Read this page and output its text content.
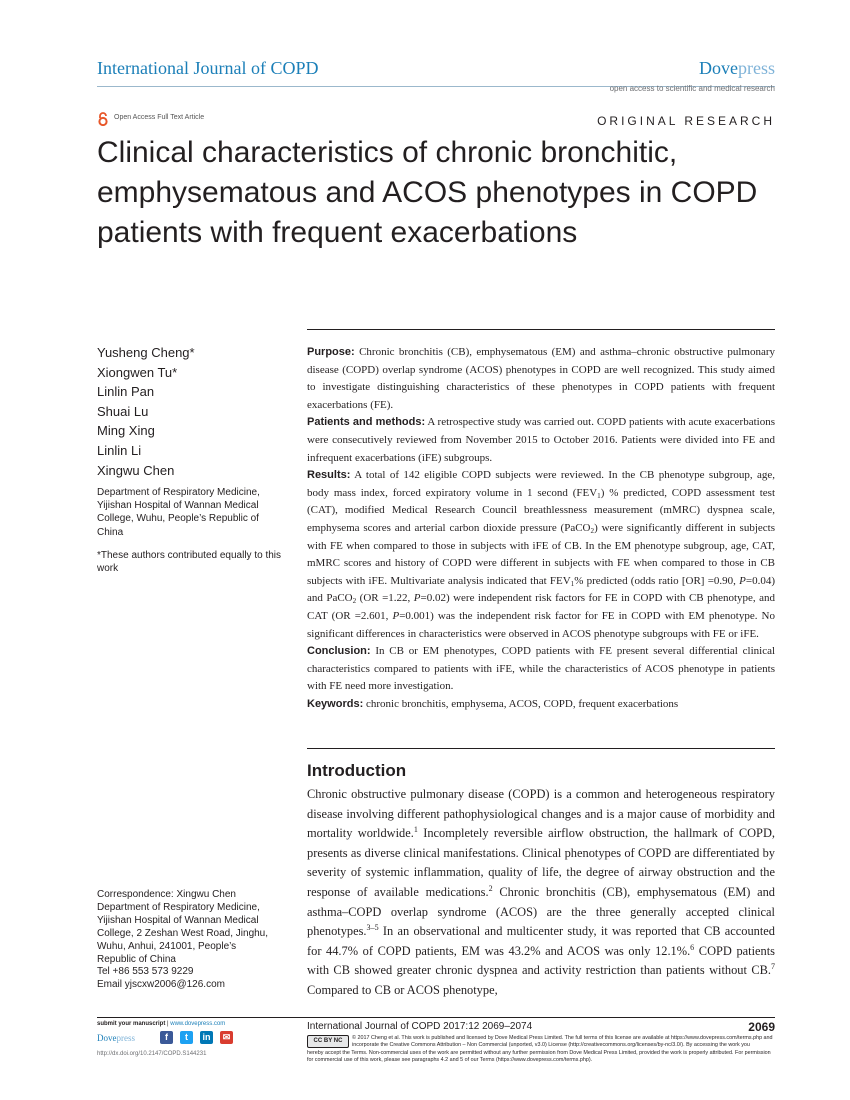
International Journal of COPD	Dovepress
open access to scientific and medical research
Open Access Full Text Article	ORIGINAL RESEARCH
Clinical characteristics of chronic bronchitic, emphysematous and ACOS phenotypes in COPD patients with frequent exacerbations
Yusheng Cheng*
Xiongwen Tu*
Linlin Pan
Shuai Lu
Ming Xing
Linlin Li
Xingwu Chen
Department of Respiratory Medicine, Yijishan Hospital of Wannan Medical College, Wuhu, People’s Republic of China
*These authors contributed equally to this work
Correspondence: Xingwu Chen
Department of Respiratory Medicine,
Yijishan Hospital of Wannan Medical
College, 2 Zeshan West Road, Jinghu,
Wuhu, Anhui, 241001, People’s
Republic of China
Tel +86 553 573 9229
Email yjscxw2006@126.com

Purpose: Chronic bronchitis (CB), emphysematous (EM) and asthma–chronic obstructive pulmonary disease (COPD) overlap syndrome (ACOS) phenotypes in COPD are well recognized. This study aimed to investigate distinguishing characteristics of these phenotypes in COPD patients with frequent exacerbations (FE).

Patients and methods: A retrospective study was carried out. COPD patients with acute exacerbations were consecutively reviewed from November 2015 to October 2016. Patients were divided into FE and infrequent exacerbations (iFE) subgroups.

Results: A total of 142 eligible COPD subjects were reviewed. In the CB phenotype subgroup, age, body mass index, forced expiratory volume in 1 second $(FEV_1)$ % predicted, COPD assessment test (CAT), modified Medical Research Council breathlessness measurement (mMRC) dyspnea scale, emphysema scores and arterial carbon dioxide pressure (PaCO$_2$) were significantly different in subjects with FE when compared to those in subjects with iFE of CB. In the EM phenotype subgroup, age, CAT, mMRC scores and history of COPD were different in subjects with FE when compared to those in CB subjects with iFE. Multivariate analysis indicated that $FEV_1\%$ predicted (odds ratio [OR] =0.90, P=0.04) and PaCO$_2$ (OR =1.22, P=0.02) were independent risk factors for FE in COPD with CB phenotype, and CAT (OR =2.601, P=0.001) was the independent risk factor for FE in COPD with EM phenotype. No significant differences in characteristics were observed in ACOS phenotype subgroups with FE or iFE.

Conclusion: In CB or EM phenotypes, COPD patients with FE present several differential clinical characteristics compared to patients with iFE, while the characteristics of ACOS phenotype in patients with FE need more investigation.

Keywords: chronic bronchitis, emphysema, ACOS, COPD, frequent exacerbations

Introduction
Chronic obstructive pulmonary disease (COPD) is a common and heterogeneous respiratory disease involving different pathophysiological changes and is a major cause of morbidity and mortality worldwide.$^1$ Incompletely reversible airflow obstruction, the hallmark of COPD, presents as diverse clinical manifestations. Clinical phenotypes of COPD are differentiated by severity of systemic inflammation, quality of life, the degree of airway obstruction and the response of available medications.$^2$ Chronic bronchitis (CB), emphysematous (EM) and asthma–COPD overlap syndrome (ACOS) are the three generally accepted clinical phenotypes.$^{3-5}$ In an observational and multicenter study, it was reported that CB accounted for 44.7% of COPD patients, EM was 43.2% and ACOS was only 12.1%.$^6$ COPD patients with CB showed greater chronic dyspnea and activity restriction than patients without CB.$^7$ Compared to CB or ACOS phenotype,
submit your manuscript | www.dovepress.com
Dovepress	f	t	in	✉
http://dx.doi.org/10.2147/COPD.S144231
International Journal of COPD 2017:12 2069–2074	2069
CC BY NC	© 2017 Cheng et al. This work is published and licensed by Dove Medical Press Limited. The full terms of this license are available at https://www.dovepress.com/terms.php and incorporate the Creative Commons Attribution – Non Commercial (unported, v3.0) License (http://creativecommons.org/licenses/by-nc/3.0/). By accessing the work you
hereby accept the Terms. Non-commercial uses of the work are permitted without any further permission from Dove Medical Press Limited, provided the work is properly attributed. For permission for commercial use of this work, please see paragraphs 4.2 and 5 of our Terms (https://www.dovepress.com/terms.php).
